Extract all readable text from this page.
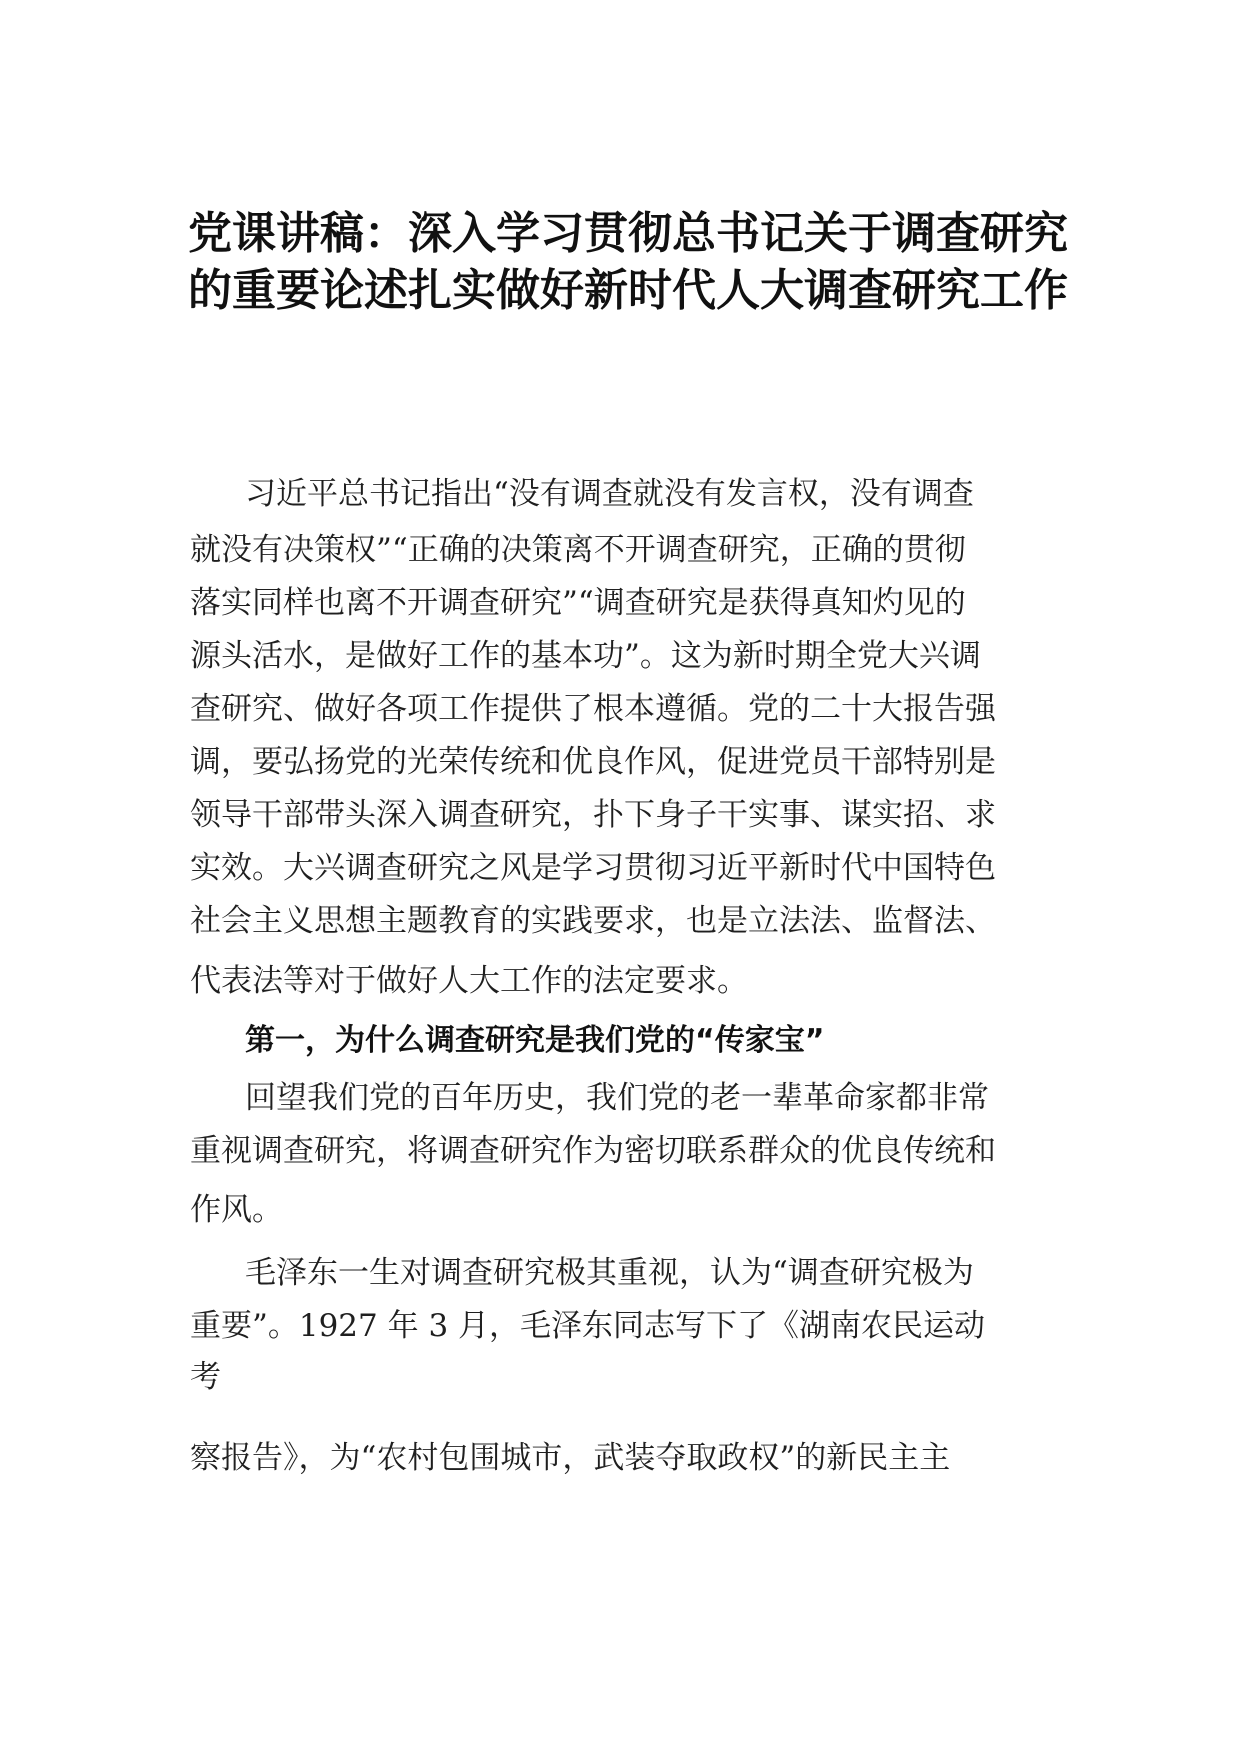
党课讲稿：深入学习贯彻总书记关于调查研究的重要论述扎实做好新时代人大调查研究工作

习近平总书记指出“没有调查就没有发言权，没有调查

就没有决策权”“正确的决策离不开调查研究，正确的贯彻

落实同样也离不开调查研究”“调查研究是获得真知灼见的

源头活水，是做好工作的基本功”。这为新时期全党大兴调

查研究、做好各项工作提供了根本遵循。党的二十大报告强

调，要弘扬党的光荣传统和优良作风，促进党员干部特别是

领导干部带头深入调查研究，扑下身子干实事、谋实招、求

实效。大兴调查研究之风是学习贯彻习近平新时代中国特色

社会主义思想主题教育的实践要求，也是立法法、监督法、

代表法等对于做好人大工作的法定要求。

第一，为什么调查研究是我们党的“传家宝”

回望我们党的百年历史，我们党的老一辈革命家都非常

重视调查研究，将调查研究作为密切联系群众的优良传统和

作风。

毛泽东一生对调查研究极其重视，认为“调查研究极为

重要”。1927 年 3 月，毛泽东同志写下了《湖南农民运动

考

察报告》，为“农村包围城市，武装夺取政权”的新民主主
